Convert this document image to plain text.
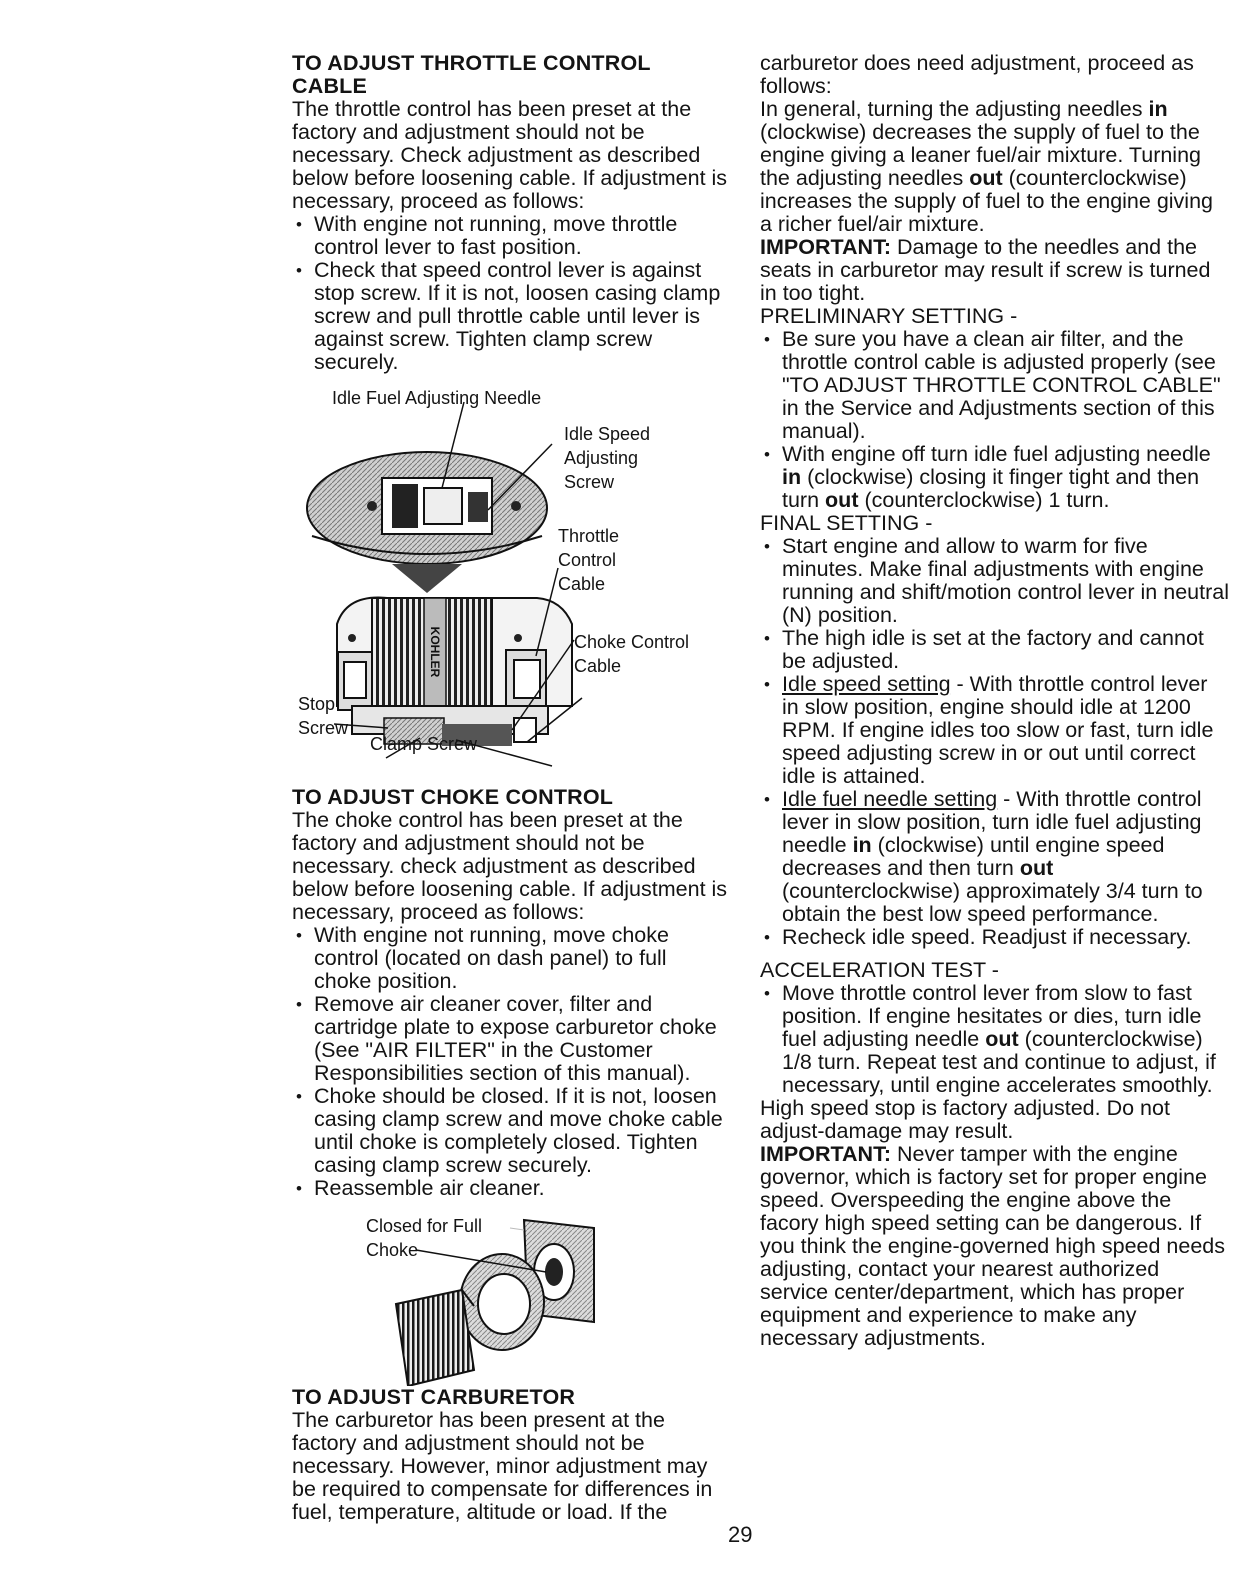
TO ADJUST THROTTLE CONTROL CABLE

The throttle control has been preset at the factory and adjustment should not be necessary. Check adjustment as described below before loosening cable. If adjustment is necessary, proceed as follows:

• With engine not running, move throttle control lever to fast position.
• Check that speed control lever is against stop screw. If it is not, loosen casing clamp screw and pull throttle cable until lever is against screw. Tighten clamp screw securely.
KOHLER
Idle Fuel Adjusting Needle
Idle Speed
Adjusting
Screw
Throttle
Control
Cable
Choke Control
Cable
Stop
Screw
Clamp Screw
TO ADJUST CHOKE CONTROL

The choke control has been preset at the factory and adjustment should not be necessary. check adjustment as described below before loosening cable. If adjustment is necessary, proceed as follows:

• With engine not running, move choke control (located on dash panel) to full choke position.
• Remove air cleaner cover, filter and cartridge plate to expose carburetor choke (See "AIR FILTER" in the Customer Responsibilities section of this manual).
• Choke should be closed. If it is not, loosen casing clamp screw and move choke cable until choke is completely closed. Tighten casing clamp screw securely.
• Reassemble air cleaner.
Closed for Full
Choke
TO ADJUST CARBURETOR

The carburetor has been present at the factory and adjustment should not be necessary. However, minor adjustment may be required to compensate for differences in fuel, temperature, altitude or load. If the

carburetor does need adjustment, proceed as follows:

In general, turning the adjusting needles in (clockwise) decreases the supply of fuel to the engine giving a leaner fuel/air mixture. Turning the adjusting needles out (counterclockwise) increases the supply of fuel to the engine giving a richer fuel/air mixture.

IMPORTANT: Damage to the needles and the seats in carburetor may result if screw is turned in too tight.

PRELIMINARY SETTING -

• Be sure you have a clean air filter, and the throttle control cable is adjusted properly (see "TO ADJUST THROTTLE CONTROL CABLE" in the Service and Adjustments section of this manual).
• With engine off turn idle fuel adjusting needle in (clockwise) closing it finger tight and then turn out (counterclockwise) 1 turn.

FINAL SETTING -

• Start engine and allow to warm for five minutes. Make final adjustments with engine running and shift/motion control lever in neutral (N) position.
• The high idle is set at the factory and cannot be adjusted.
• Idle speed setting - With throttle control lever in slow position, engine should idle at 1200 RPM. If engine idles too slow or fast, turn idle speed adjusting screw in or out until correct idle is attained.
• Idle fuel needle setting - With throttle control lever in slow position, turn idle fuel adjusting needle in (clockwise) until engine speed decreases and then turn out (counterclockwise) approximately 3/4 turn to obtain the best low speed performance.
• Recheck idle speed. Readjust if necessary.

ACCELERATION TEST -

• Move throttle control lever from slow to fast position. If engine hesitates or dies, turn idle fuel adjusting needle out (counterclockwise) 1/8 turn. Repeat test and continue to adjust, if necessary, until engine accelerates smoothly.

High speed stop is factory adjusted. Do not adjust-damage may result.

IMPORTANT: Never tamper with the engine governor, which is factory set for proper engine speed. Overspeeding the engine above the facory high speed setting can be dangerous. If you think the engine-governed high speed needs adjusting, contact your nearest authorized service center/department, which has proper equipment and experience to make any necessary adjustments.

29
